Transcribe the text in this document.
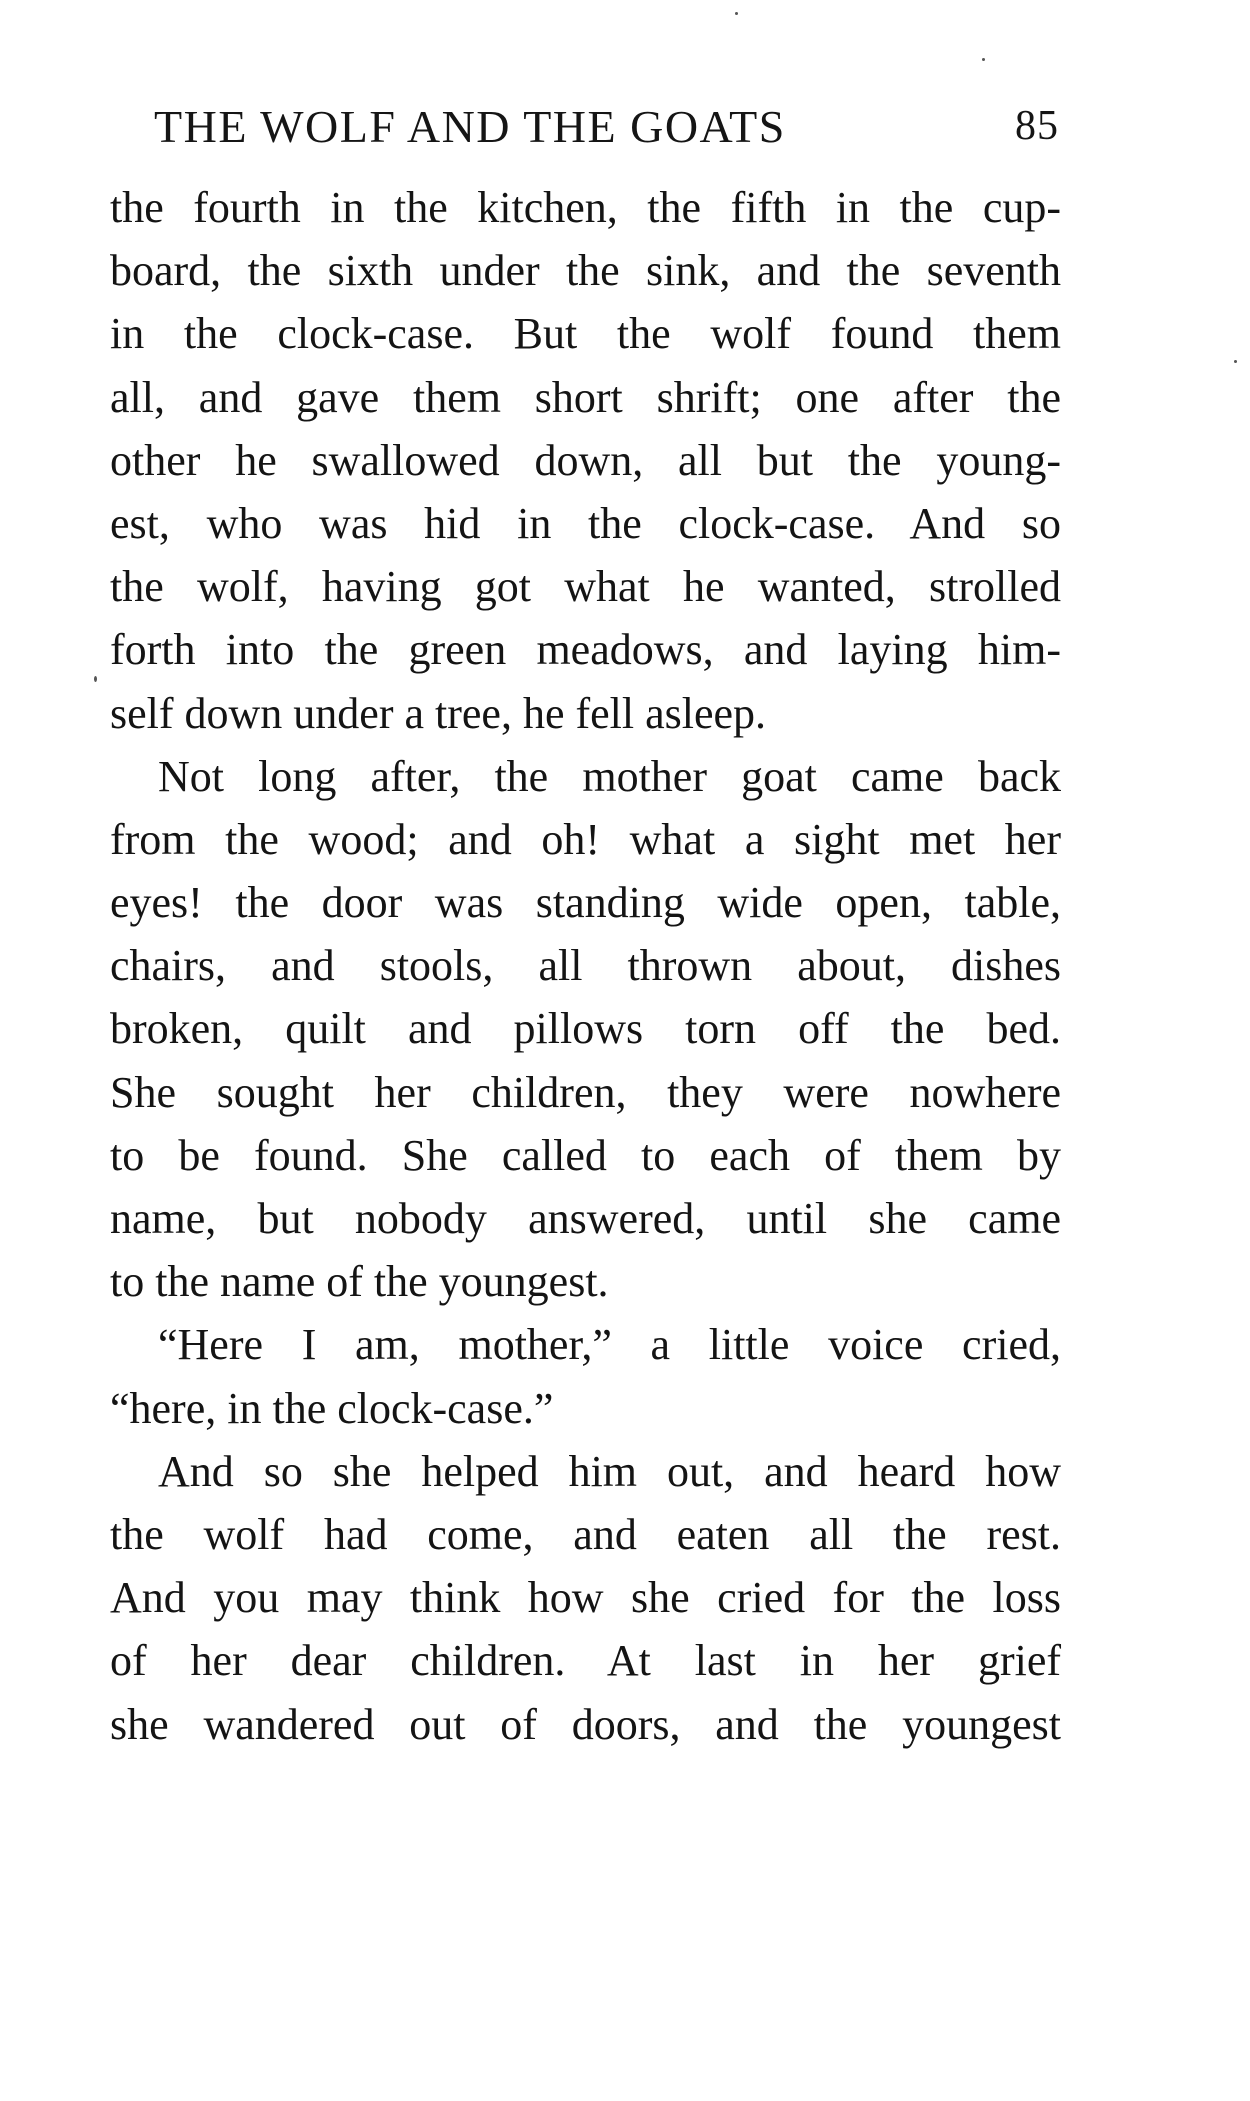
THE WOLF AND THE GOATS	85
the fourth in the kitchen, the fifth in the cup-
board, the sixth under the sink, and the seventh
in the clock-case. But the wolf found them
all, and gave them short shrift; one after the
other he swallowed down, all but the young-
est, who was hid in the clock-case. And so
the wolf, having got what he wanted, strolled
forth into the green meadows, and laying him-
self down under a tree, he fell asleep.
Not long after, the mother goat came back
from the wood; and oh! what a sight met her
eyes! the door was standing wide open, table,
chairs, and stools, all thrown about, dishes
broken, quilt and pillows torn off the bed.
She sought her children, they were nowhere
to be found. She called to each of them by
name, but nobody answered, until she came
to the name of the youngest.
“Here I am, mother,” a little voice cried,
“here, in the clock-case.”
And so she helped him out, and heard how
the wolf had come, and eaten all the rest.
And you may think how she cried for the loss
of her dear children. At last in her grief
she wandered out of doors, and the youngest
